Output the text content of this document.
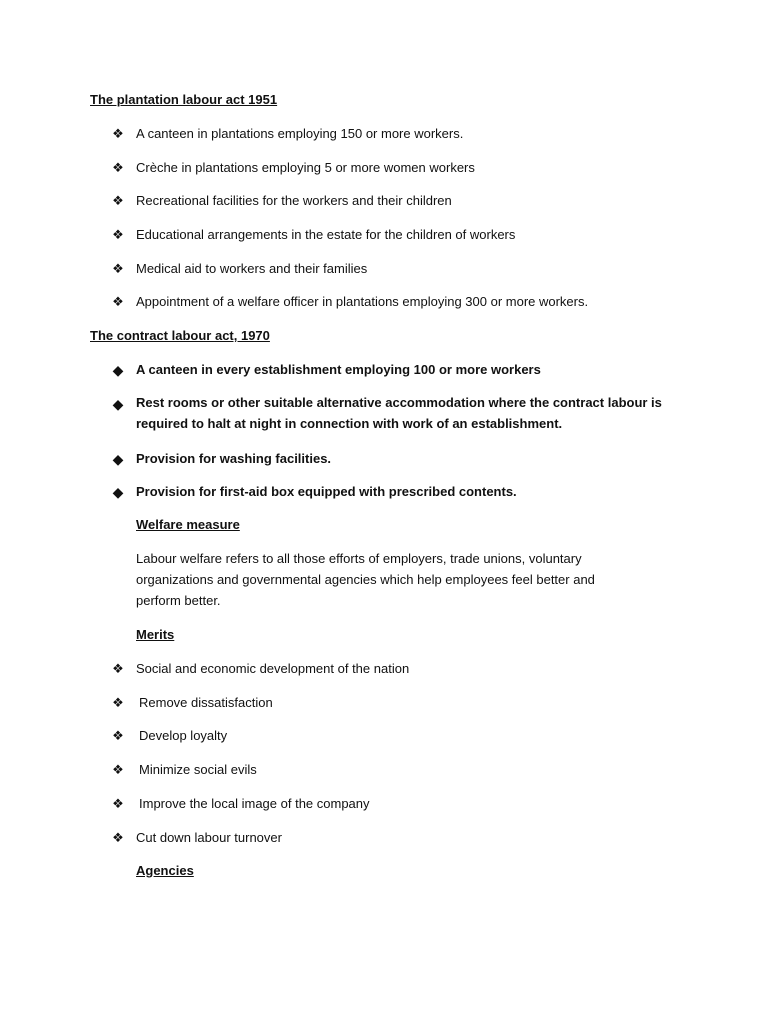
The plantation labour act 1951
❖ A canteen in plantations employing 150 or more workers.
❖ Crèche in plantations employing 5 or more women workers
❖ Recreational facilities for the workers and their children
❖ Educational arrangements in the estate for the children of workers
❖ Medical aid to workers and their families
❖ Appointment of a welfare officer in plantations employing 300 or more workers.
The contract labour act, 1970
◆ A canteen in every establishment employing 100 or more workers
◆ Rest rooms or other suitable alternative accommodation where the contract labour is required to halt at night in connection with work of an establishment.
◆ Provision for washing facilities.
◆ Provision for first-aid box equipped with prescribed contents.
Welfare measure
Labour welfare refers to all those efforts of employers, trade unions, voluntary organizations and governmental agencies which help employees feel better and perform better.
Merits
❖ Social and economic development of the nation
❖ Remove dissatisfaction
❖ Develop loyalty
❖ Minimize social evils
❖ Improve the local image of the company
❖ Cut down labour turnover
Agencies
